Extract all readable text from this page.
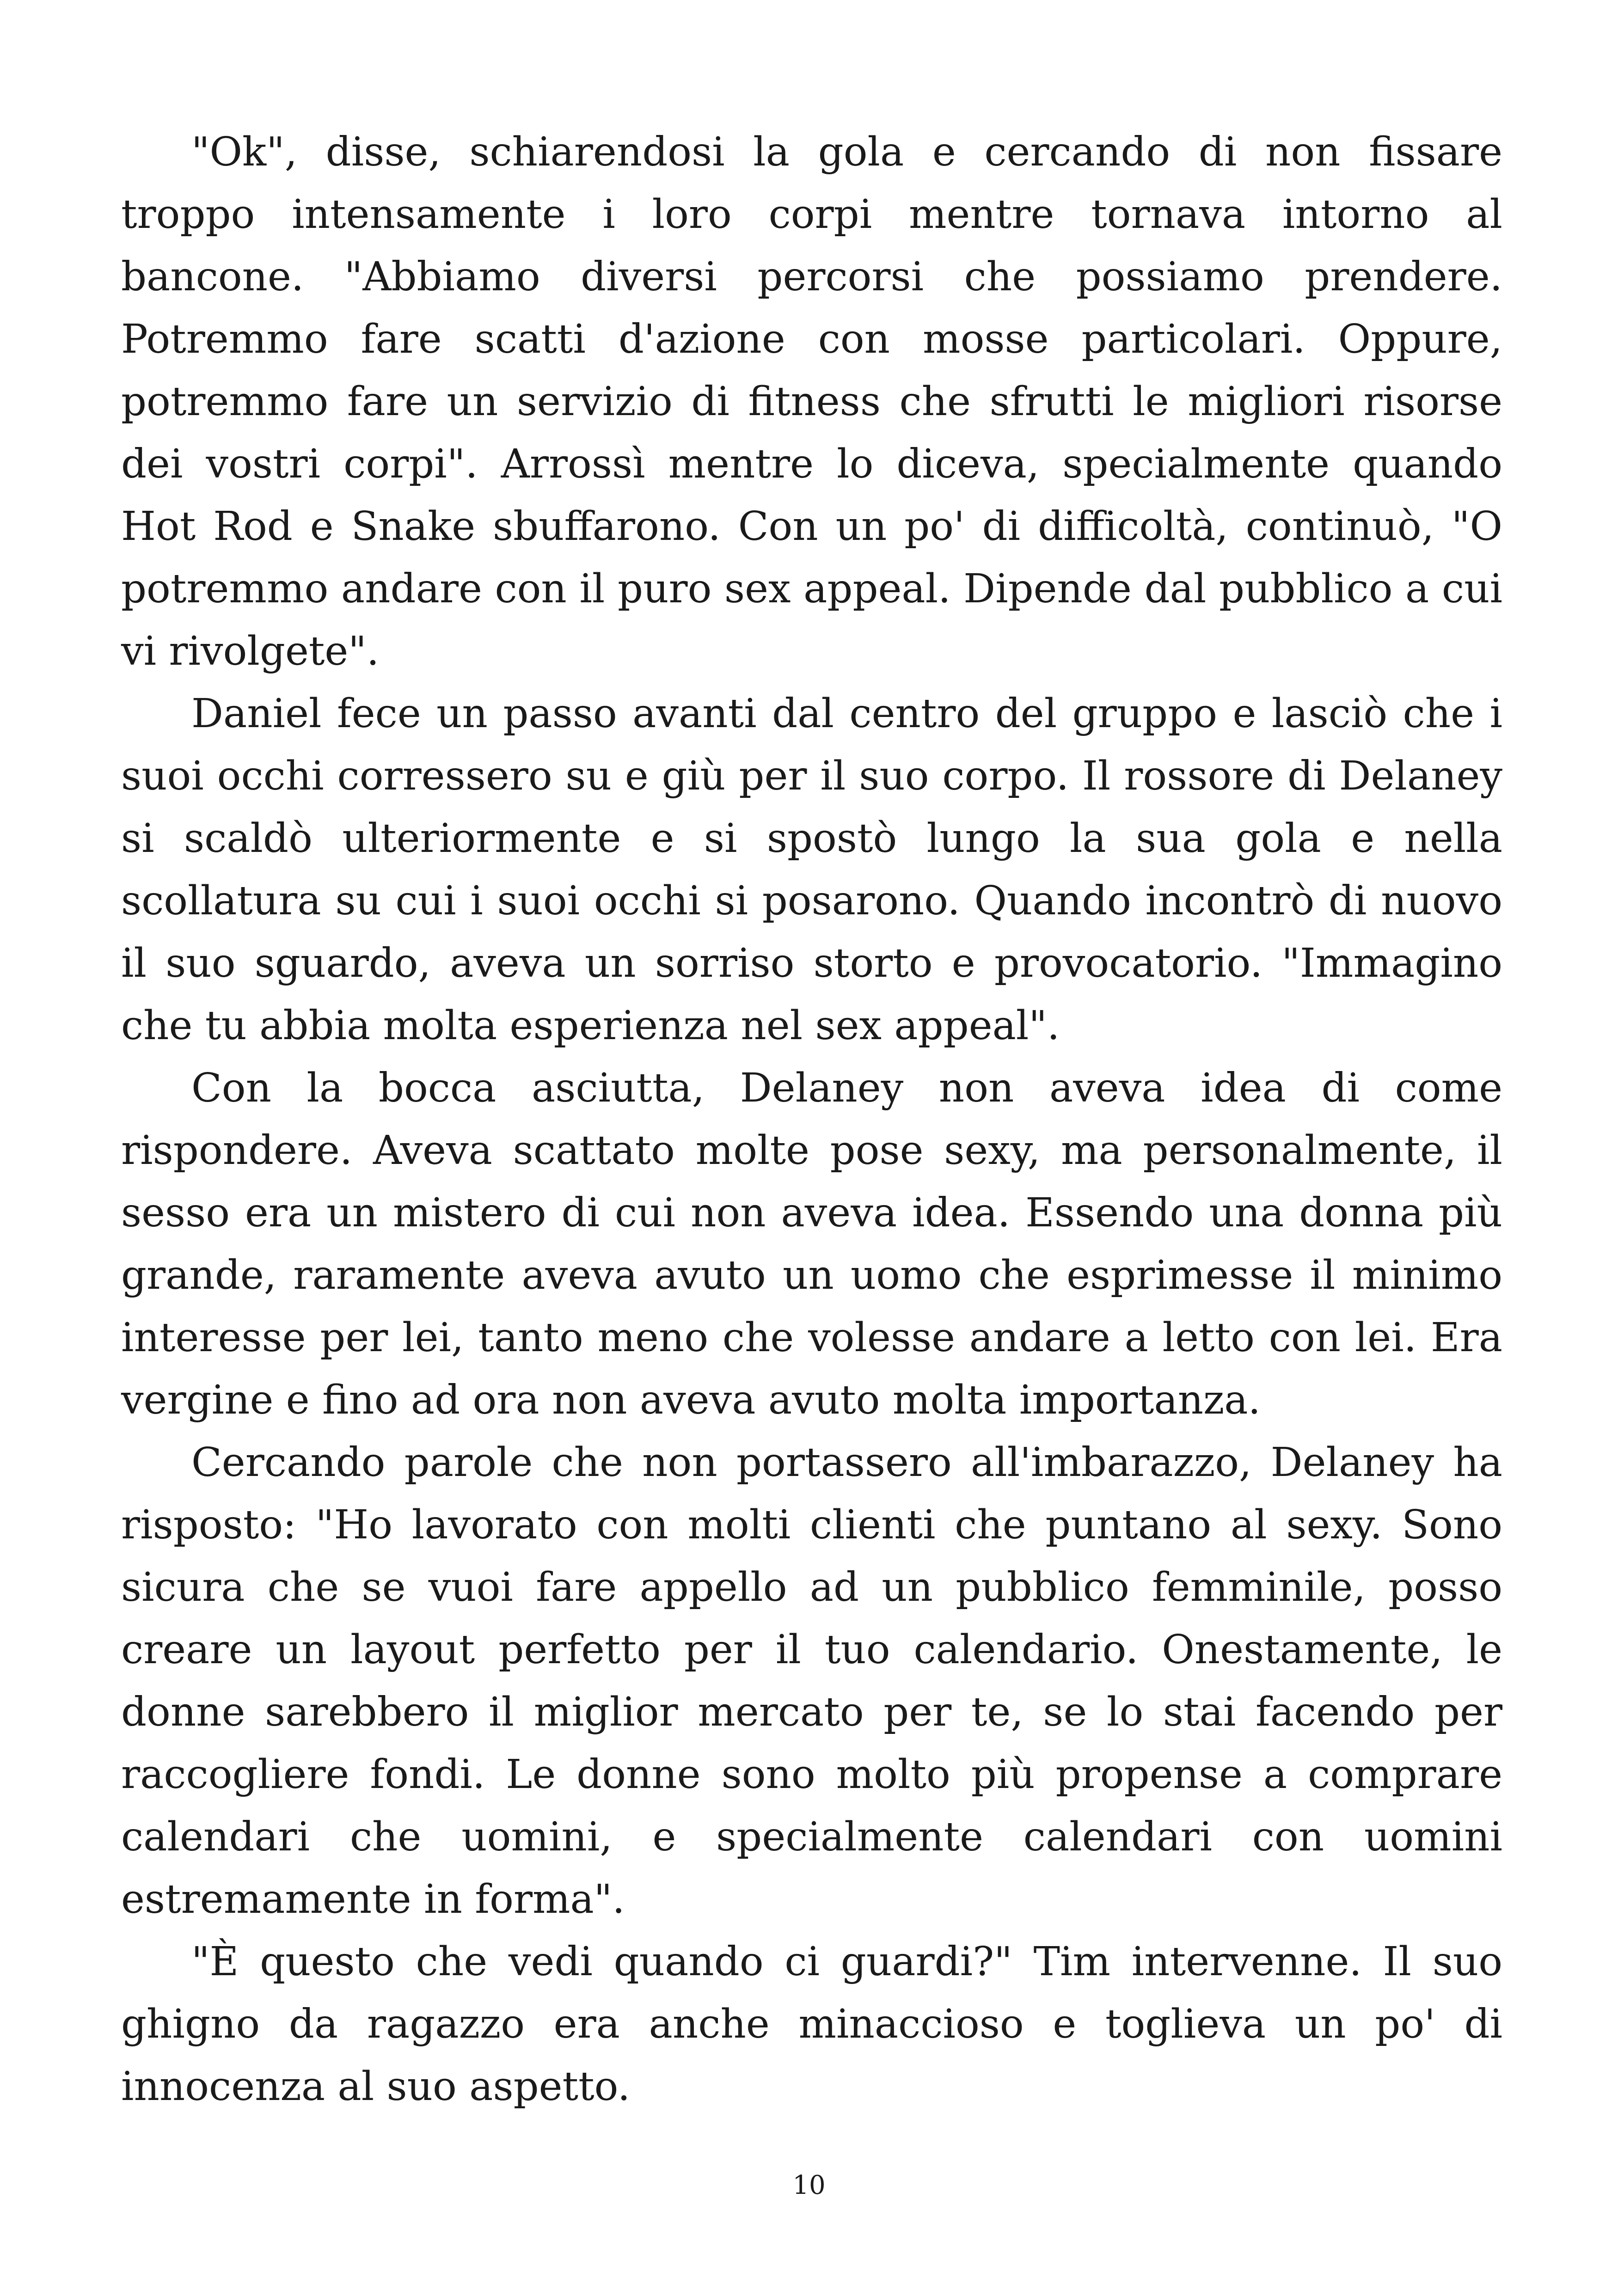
"Ok", disse, schiarendosi la gola e cercando di non fissare troppo intensamente i loro corpi mentre tornava intorno al bancone. "Abbiamo diversi percorsi che possiamo prendere. Potremmo fare scatti d'azione con mosse particolari. Oppure, potremmo fare un servizio di fitness che sfrutti le migliori risorse dei vostri corpi". Arrossì mentre lo diceva, specialmente quando Hot Rod e Snake sbuffarono. Con un po' di difficoltà, continuò, "O potremmo andare con il puro sex appeal. Dipende dal pubblico a cui vi rivolgete".

Daniel fece un passo avanti dal centro del gruppo e lasciò che i suoi occhi corressero su e giù per il suo corpo. Il rossore di Delaney si scaldò ulteriormente e si spostò lungo la sua gola e nella scollatura su cui i suoi occhi si posarono. Quando incontrò di nuovo il suo sguardo, aveva un sorriso storto e provocatorio. "Immagino che tu abbia molta esperienza nel sex appeal".

Con la bocca asciutta, Delaney non aveva idea di come rispondere. Aveva scattato molte pose sexy, ma personalmente, il sesso era un mistero di cui non aveva idea. Essendo una donna più grande, raramente aveva avuto un uomo che esprimesse il minimo interesse per lei, tanto meno che volesse andare a letto con lei. Era vergine e fino ad ora non aveva avuto molta importanza.

Cercando parole che non portassero all'imbarazzo, Delaney ha risposto: "Ho lavorato con molti clienti che puntano al sexy. Sono sicura che se vuoi fare appello ad un pubblico femminile, posso creare un layout perfetto per il tuo calendario. Onestamente, le donne sarebbero il miglior mercato per te, se lo stai facendo per raccogliere fondi. Le donne sono molto più propense a comprare calendari che uomini, e specialmente calendari con uomini estremamente in forma".

"È questo che vedi quando ci guardi?" Tim intervenne. Il suo ghigno da ragazzo era anche minaccioso e toglieva un po' di innocenza al suo aspetto.

10
